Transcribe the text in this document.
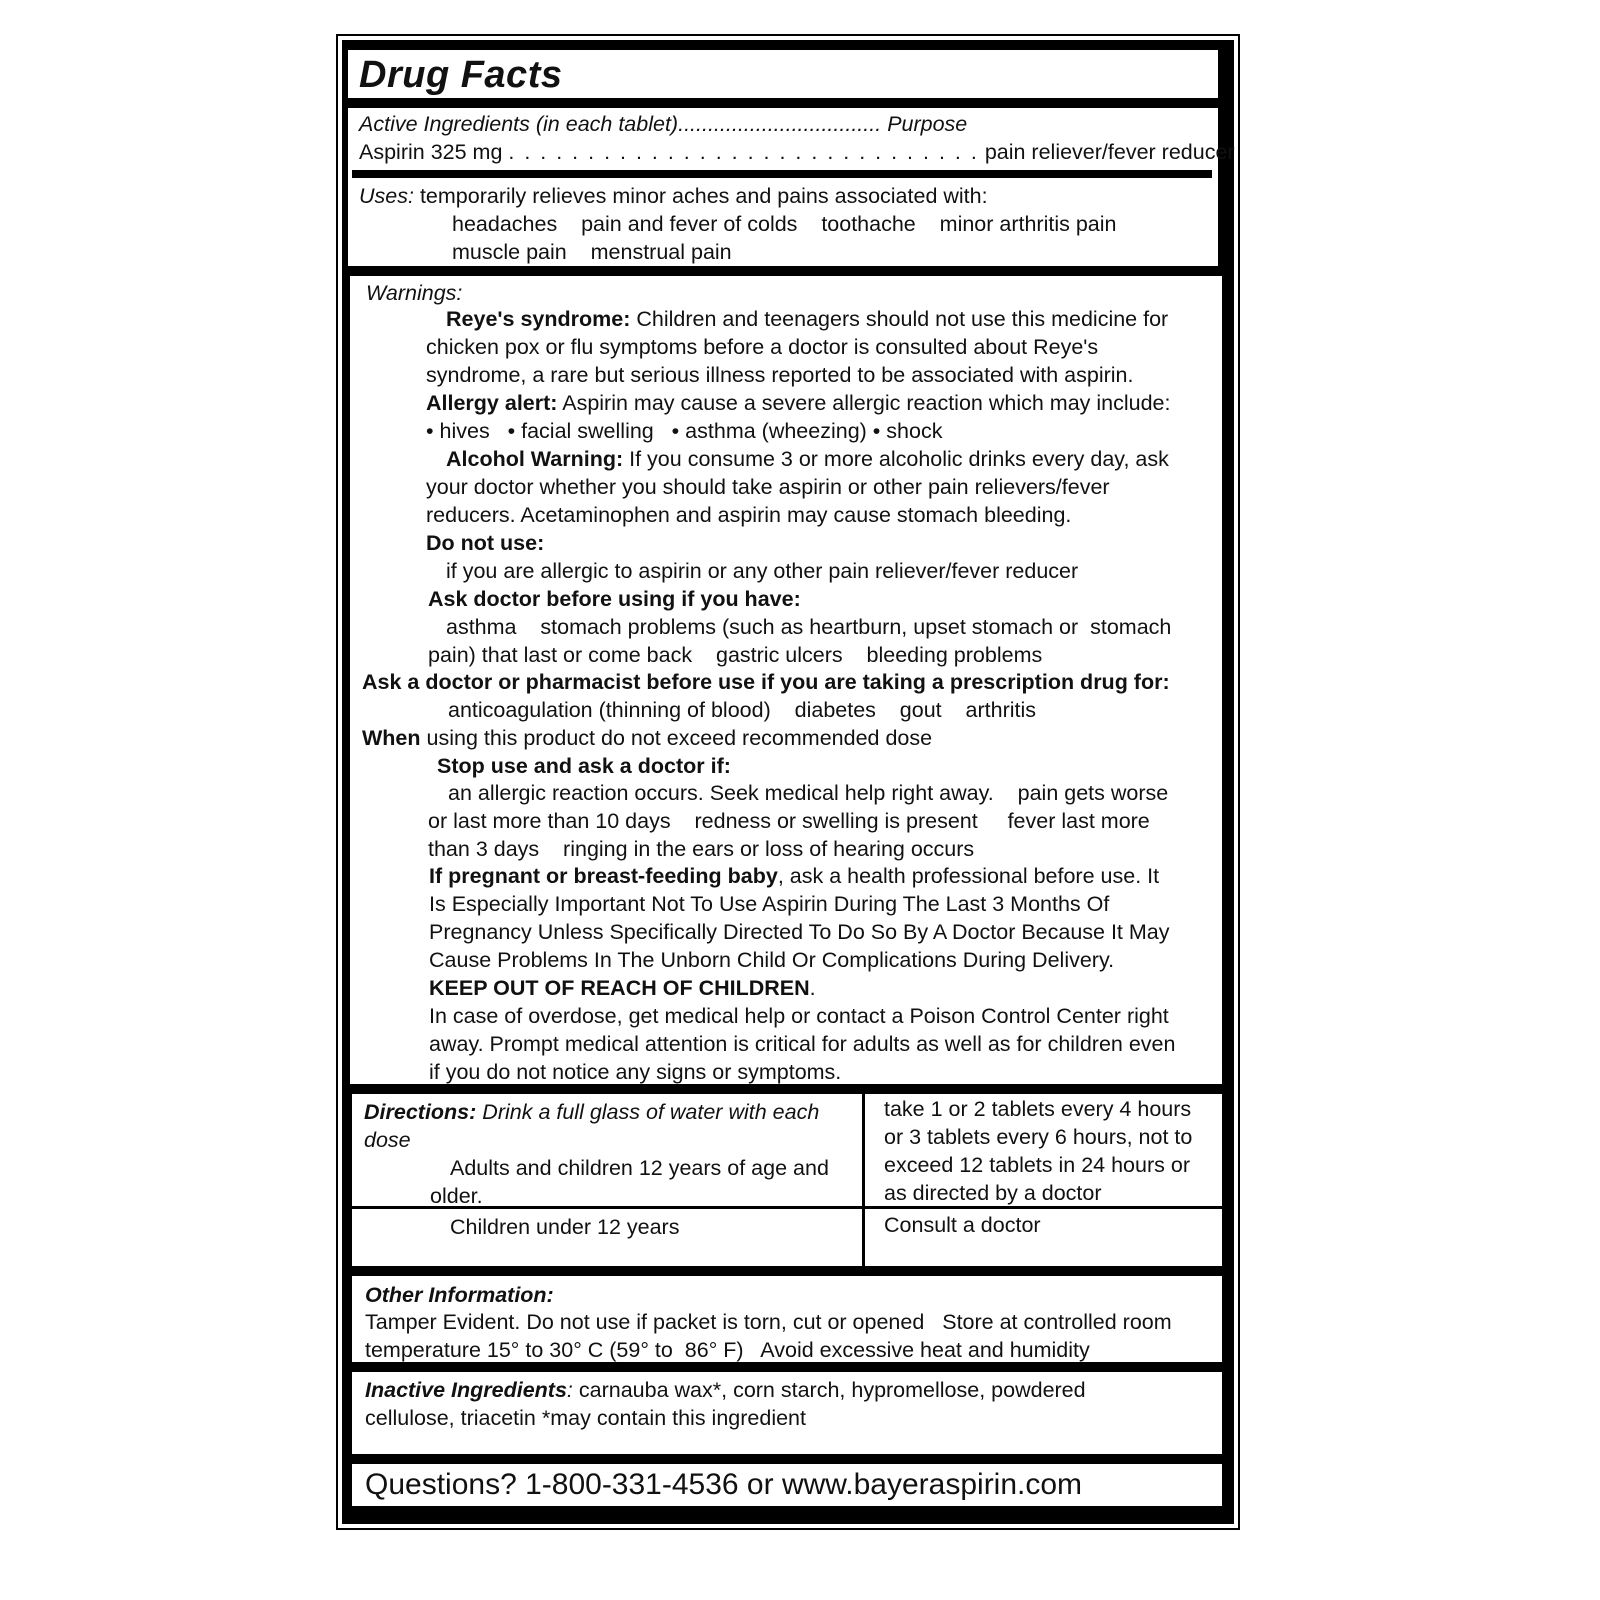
Drug Facts
Active Ingredients (in each tablet).................................. Purpose
Aspirin 325 mg . . . . . . . . . . . . . . . . . . . . . . . . . . . . . . pain reliever/fever reducer
Uses: temporarily relieves minor aches and pains associated with:
headaches    pain and fever of colds    toothache    minor arthritis pain
muscle pain    menstrual pain
Warnings:
Reye's syndrome: Children and teenagers should not use this medicine for
chicken pox or flu symptoms before a doctor is consulted about Reye's
syndrome, a rare but serious illness reported to be associated with aspirin.
Allergy alert: Aspirin may cause a severe allergic reaction which may include:
• hives   • facial swelling   • asthma (wheezing) • shock
Alcohol Warning: If you consume 3 or more alcoholic drinks every day, ask
your doctor whether you should take aspirin or other pain relievers/fever
reducers. Acetaminophen and aspirin may cause stomach bleeding.
Do not use:
if you are allergic to aspirin or any other pain reliever/fever reducer
Ask doctor before using if you have:
asthma    stomach problems (such as heartburn, upset stomach or  stomach
pain) that last or come back    gastric ulcers    bleeding problems
Ask a doctor or pharmacist before use if you are taking a prescription drug for:
anticoagulation (thinning of blood)    diabetes    gout    arthritis
When using this product do not exceed recommended dose
Stop use and ask a doctor if:
an allergic reaction occurs. Seek medical help right away.    pain gets worse
or last more than 10 days    redness or swelling is present     fever last more
than 3 days    ringing in the ears or loss of hearing occurs
If pregnant or breast-feeding baby, ask a health professional before use. It
Is Especially Important Not To Use Aspirin During The Last 3 Months Of
Pregnancy Unless Specifically Directed To Do So By A Doctor Because It May
Cause Problems In The Unborn Child Or Complications During Delivery.
KEEP OUT OF REACH OF CHILDREN.
In case of overdose, get medical help or contact a Poison Control Center right
away. Prompt medical attention is critical for adults as well as for children even
if you do not notice any signs or symptoms.
Directions: Drink a full glass of water with each
dose
Adults and children 12 years of age and
older.
take 1 or 2 tablets every 4 hours
or 3 tablets every 6 hours, not to
exceed 12 tablets in 24 hours or
as directed by a doctor
Children under 12 years	Consult a doctor
Other Information:
Tamper Evident. Do not use if packet is torn, cut or opened   Store at controlled room
temperature 15° to 30° C (59° to  86° F)   Avoid excessive heat and humidity
Inactive Ingredients: carnauba wax*, corn starch, hypromellose, powdered
cellulose, triacetin *may contain this ingredient
Questions? 1-800-331-4536 or www.bayeraspirin.com
